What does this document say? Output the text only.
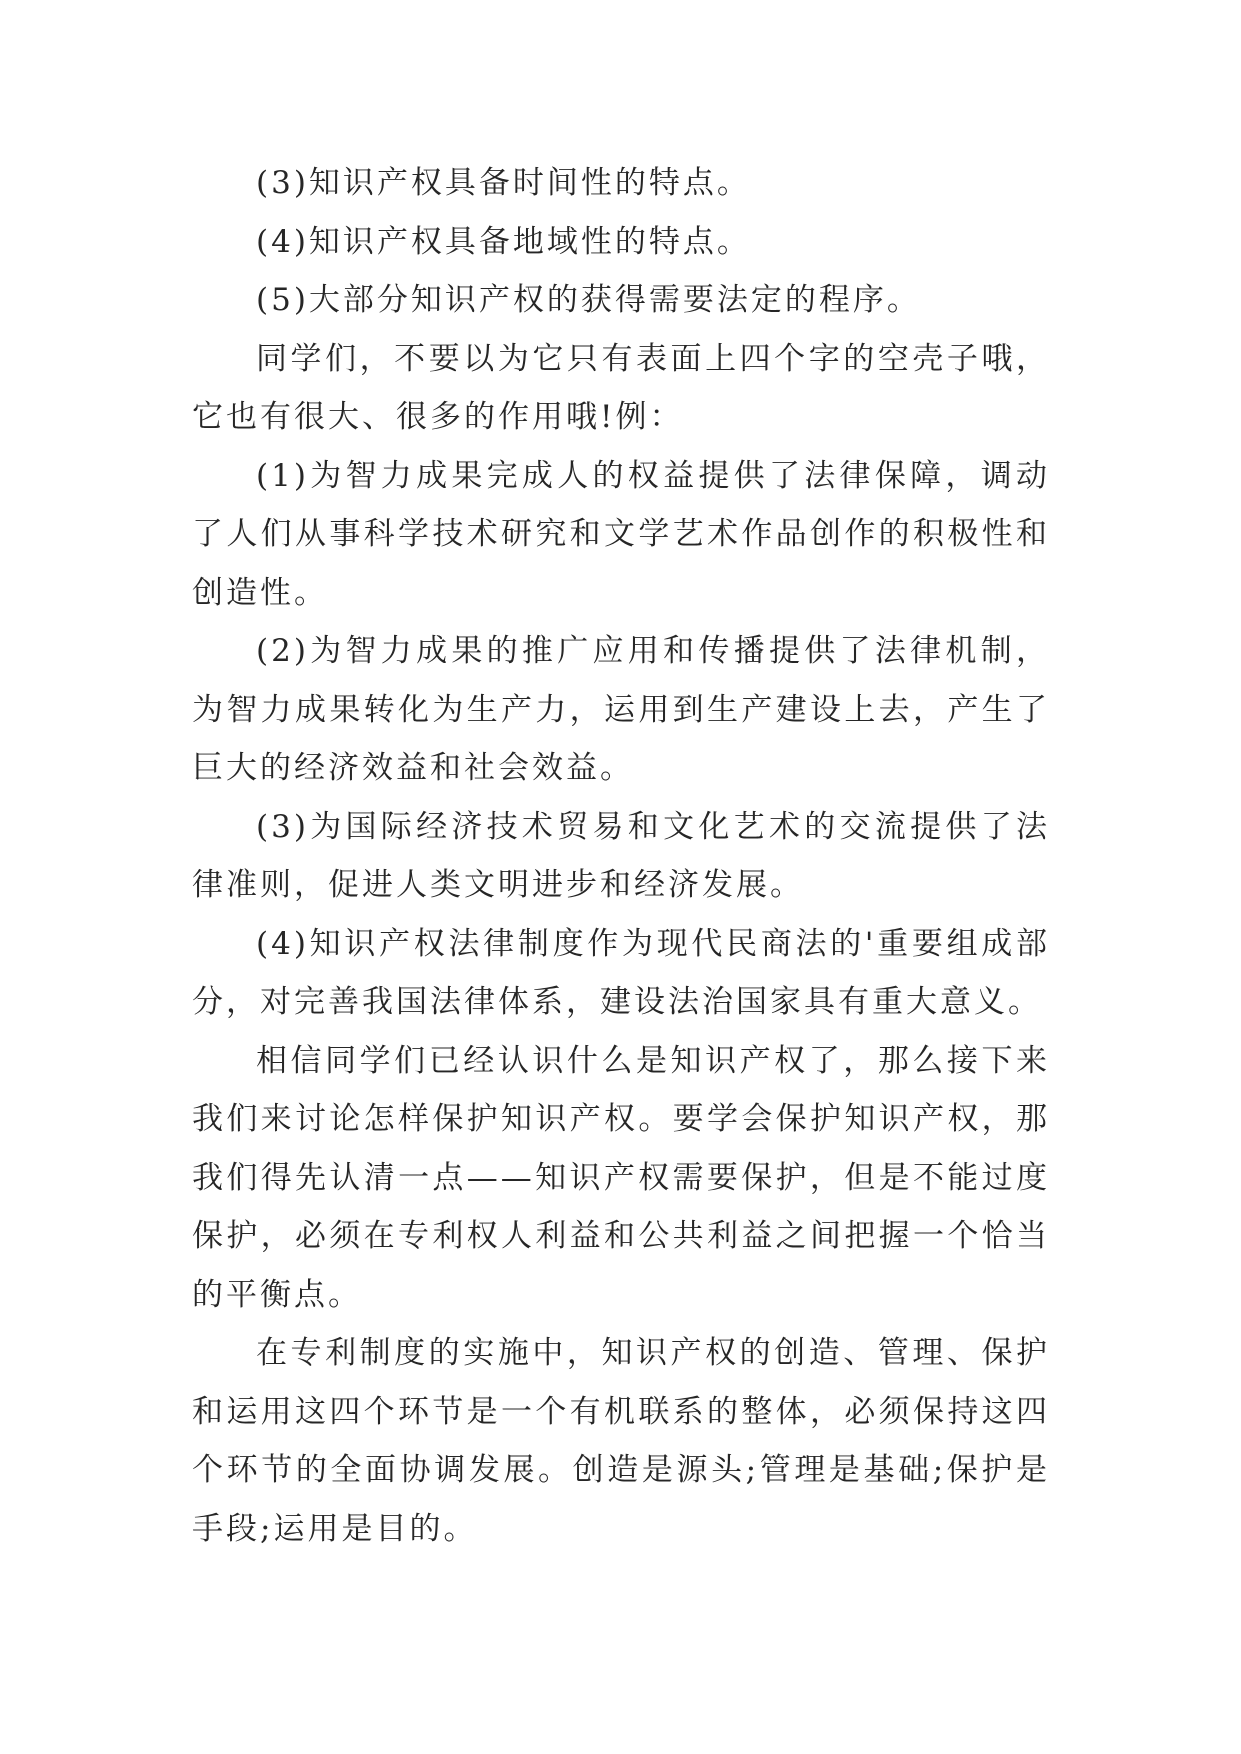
(3)知识产权具备时间性的特点。

(4)知识产权具备地域性的特点。

(5)大部分知识产权的获得需要法定的程序。

同学们，不要以为它只有表面上四个字的空壳子哦，它也有很大、很多的作用哦!例：

(1)为智力成果完成人的权益提供了法律保障，调动了人们从事科学技术研究和文学艺术作品创作的积极性和创造性。

(2)为智力成果的推广应用和传播提供了法律机制，为智力成果转化为生产力，运用到生产建设上去，产生了巨大的经济效益和社会效益。

(3)为国际经济技术贸易和文化艺术的交流提供了法律准则，促进人类文明进步和经济发展。

(4)知识产权法律制度作为现代民商法的'重要组成部分，对完善我国法律体系，建设法治国家具有重大意义。

相信同学们已经认识什么是知识产权了，那么接下来我们来讨论怎样保护知识产权。要学会保护知识产权，那我们得先认清一点——知识产权需要保护，但是不能过度保护，必须在专利权人利益和公共利益之间把握一个恰当的平衡点。

在专利制度的实施中，知识产权的创造、管理、保护和运用这四个环节是一个有机联系的整体，必须保持这四个环节的全面协调发展。创造是源头;管理是基础;保护是手段;运用是目的。
